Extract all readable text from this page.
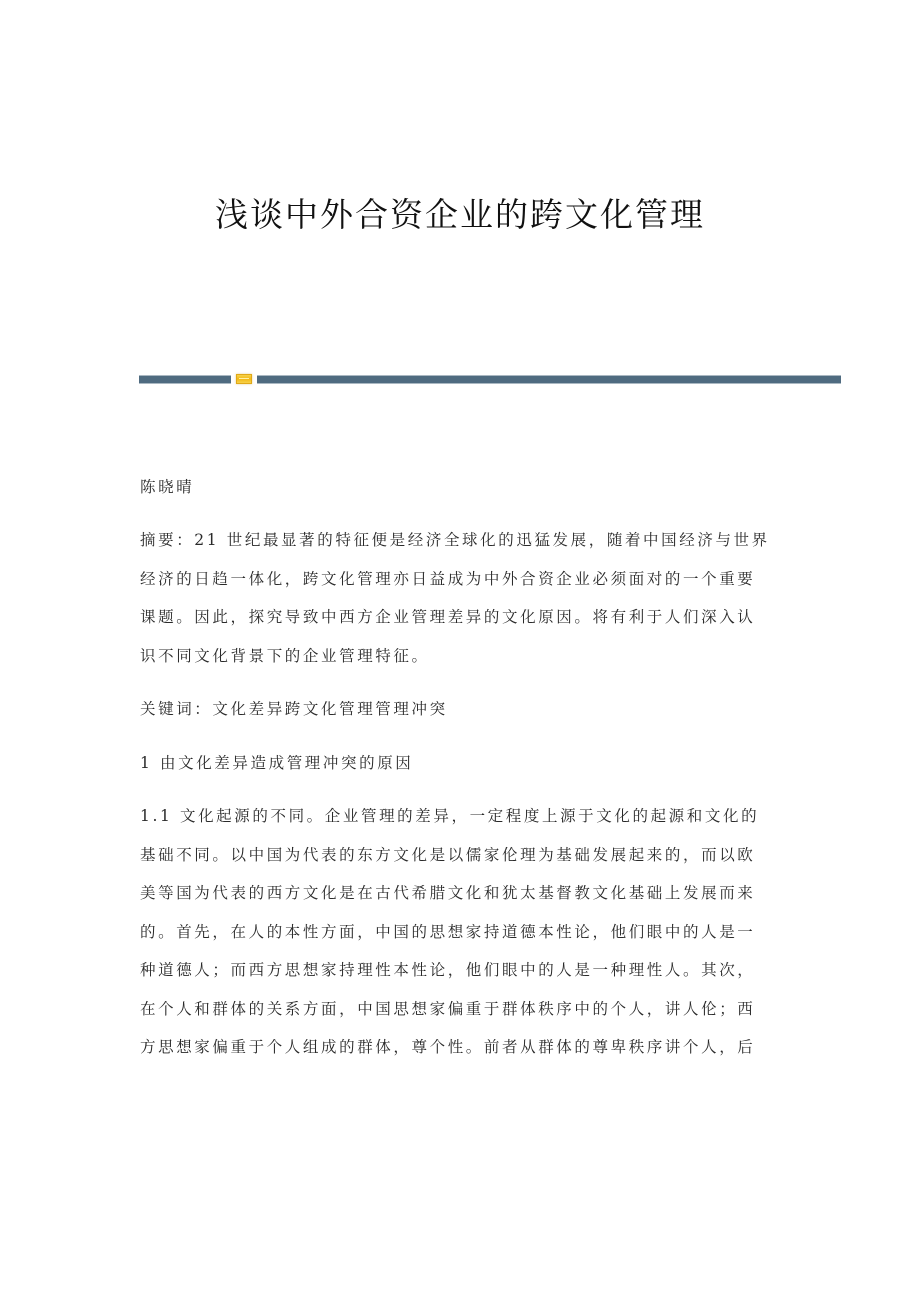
浅谈中外合资企业的跨文化管理

陈晓晴

摘要：21 世纪最显著的特征便是经济全球化的迅猛发展，随着中国经济与世界
经济的日趋一体化，跨文化管理亦日益成为中外合资企业必须面对的一个重要
课题。因此，探究导致中西方企业管理差异的文化原因。将有利于人们深入认
识不同文化背景下的企业管理特征。

关键词：文化差异跨文化管理管理冲突

1 由文化差异造成管理冲突的原因

1.1 文化起源的不同。企业管理的差异，一定程度上源于文化的起源和文化的
基础不同。以中国为代表的东方文化是以儒家伦理为基础发展起来的，而以欧
美等国为代表的西方文化是在古代希腊文化和犹太基督教文化基础上发展而来
的。首先，在人的本性方面，中国的思想家持道德本性论，他们眼中的人是一
种道德人；而西方思想家持理性本性论，他们眼中的人是一种理性人。其次，
在个人和群体的关系方面，中国思想家偏重于群体秩序中的个人，讲人伦；西
方思想家偏重于个人组成的群体，尊个性。前者从群体的尊卑秩序讲个人，后
